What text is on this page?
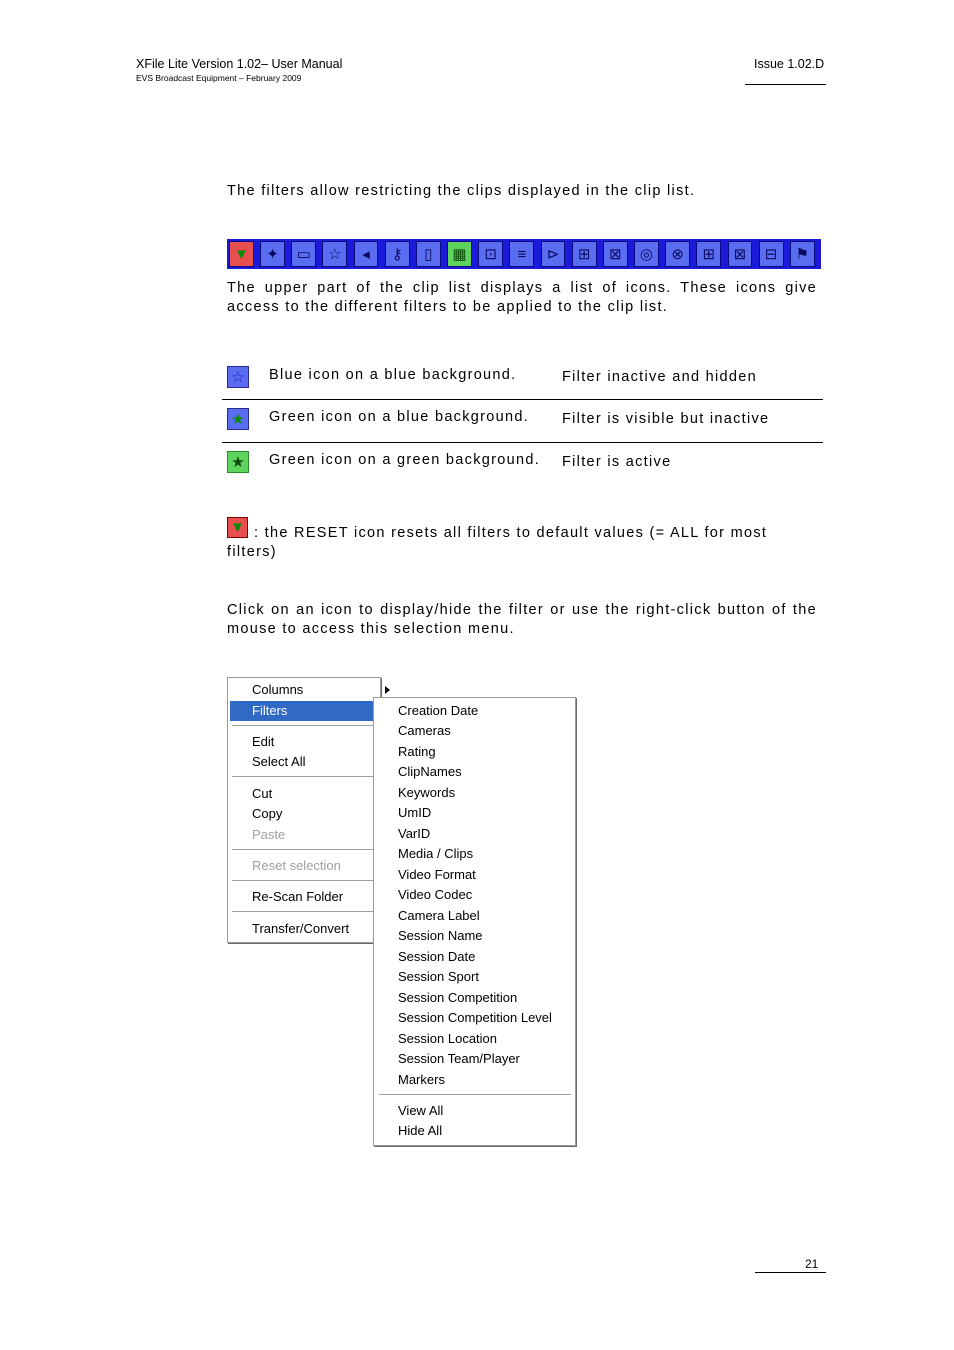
XFile Lite Version 1.02– User Manual
EVS Broadcast Equipment – February 2009
Issue 1.02.D
The filters allow restricting the clips displayed in the clip list.
▼	✦	▭	☆	◂	⚷	▯	▦	⊡	≡	⊳	⊞	⊠	◎	⊗	⊞	⊠	⊟	⚑
The upper part of the clip list displays a list of icons. These icons give access to the different filters to be applied to the clip list.
☆ Blue icon on a blue background.	Filter inactive and hidden
★ Green icon on a blue background. Filter is visible but inactive
★ Green icon on a green background. Filter is active
▼ : the RESET icon resets all filters to default values (= ALL for most filters)
Click on an icon to display/hide the filter or use the right-click button of the mouse to access this selection menu.
Columns
Filters
Edit
Select All
Cut
Copy
Paste
Reset selection
Re-Scan Folder
Transfer/Convert
Creation Date
Cameras
Rating
ClipNames
Keywords
UmID
VarID
Media / Clips
Video Format
Video Codec
Camera Label
Session Name
Session Date
Session Sport
Session Competition
Session Competition Level
Session Location
Session Team/Player
Markers
View All
Hide All
21
